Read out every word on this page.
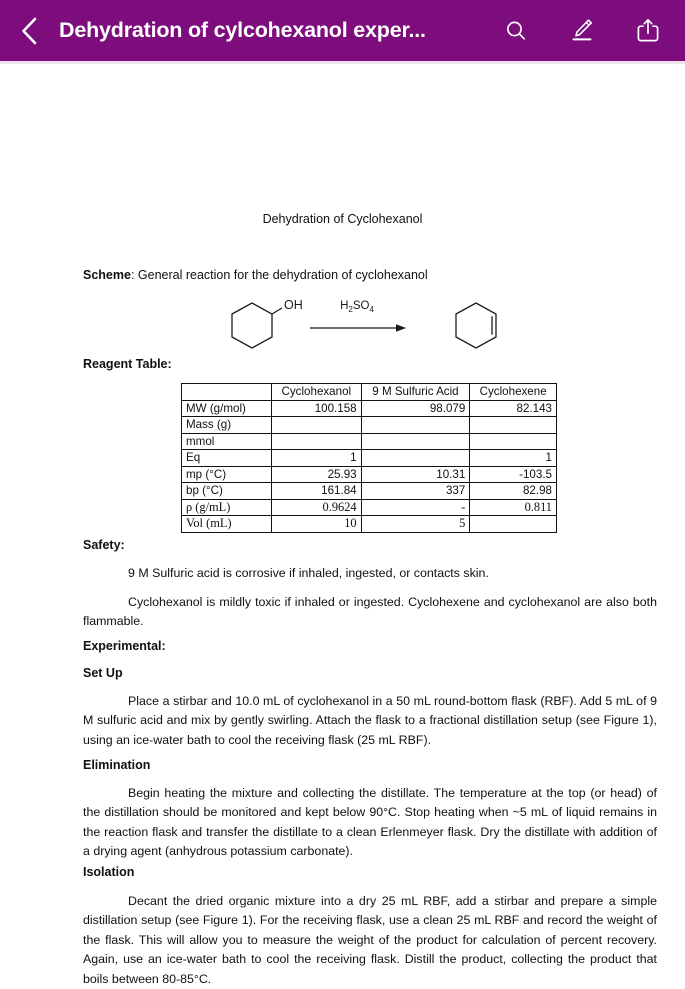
Dehydration of cylcohexanol exper...
Dehydration of Cyclohexanol
Scheme: General reaction for the dehydration of cyclohexanol
OH	$H_2SO_4$
Reagent Table:
	Cyclohexanol	9 M Sulfuric Acid	Cyclohexene
MW (g/mol)	100.158	98.079	82.143
Mass (g)			
mmol			
Eq	1		1
mp (°C)	25.93	10.31	-103.5
bp (°C)	161.84	337	82.98
ρ (g/mL)	0.9624	-	0.811
Vol (mL)	10	5	
Safety:
9 M Sulfuric acid is corrosive if inhaled, ingested, or contacts skin.
Cyclohexanol is mildly toxic if inhaled or ingested. Cyclohexene and cyclohexanol are also both flammable.
Experimental:
Set Up
Place a stirbar and 10.0 mL of cyclohexanol in a 50 mL round-bottom flask (RBF). Add 5 mL of 9 M sulfuric acid and mix by gently swirling. Attach the flask to a fractional distillation setup (see Figure 1), using an ice-water bath to cool the receiving flask (25 mL RBF).
Elimination
Begin heating the mixture and collecting the distillate. The temperature at the top (or head) of the distillation should be monitored and kept below 90°C. Stop heating when ~5 mL of liquid remains in the reaction flask and transfer the distillate to a clean Erlenmeyer flask. Dry the distillate with addition of a drying agent (anhydrous potassium carbonate).
Isolation
Decant the dried organic mixture into a dry 25 mL RBF, add a stirbar and prepare a simple distillation setup (see Figure 1). For the receiving flask, use a clean 25 mL RBF and record the weight of the flask. This will allow you to measure the weight of the product for calculation of percent recovery. Again, use an ice-water bath to cool the receiving flask. Distill the product, collecting the product that boils between 80-85°C.
